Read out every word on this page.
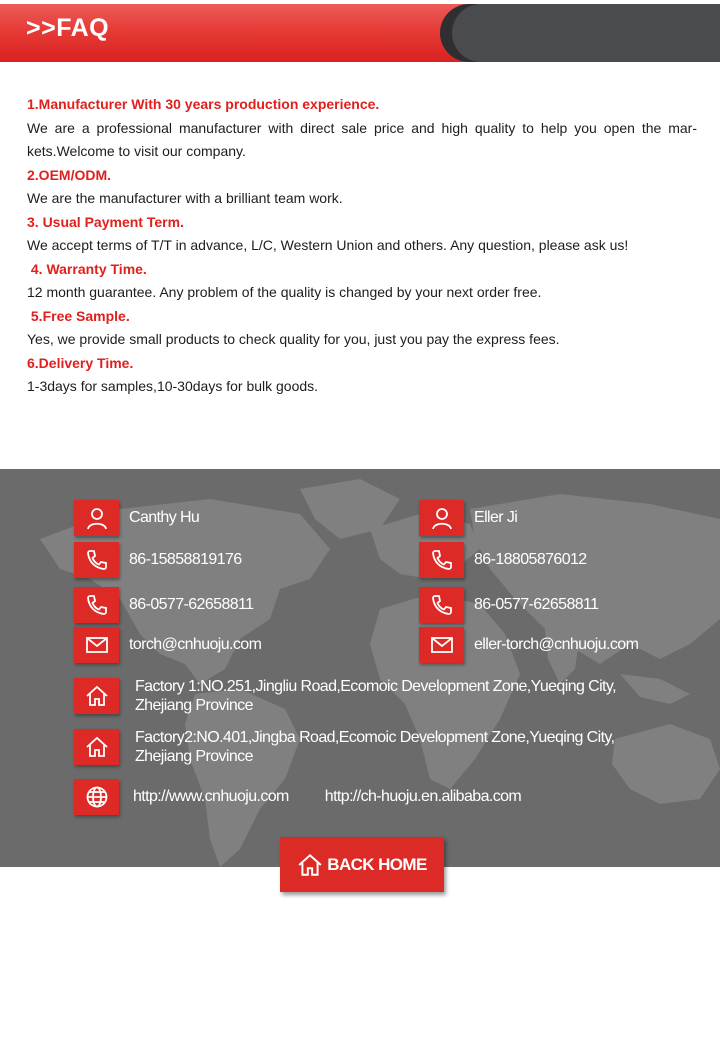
>>FAQ
1.Manufacturer With 30 years production experience.
We are a professional manufacturer with direct sale price and high quality to help you open the mar-kets.Welcome to visit our company.
2.OEM/ODM.
We are the manufacturer with a brilliant team work.
3. Usual Payment Term.
We accept terms of T/T in advance, L/C, Western Union and others. Any question, please ask us!
4. Warranty Time.
12 month guarantee. Any problem of the quality is changed by your next order free.
5.Free Sample.
Yes, we provide small products to check quality for you, just you pay the express fees.
6.Delivery Time.
1-3days for samples,10-30days for bulk goods.
Canthy Hu
86-15858819176
86-0577-62658811
torch@cnhuoju.com
Eller Ji
86-18805876012
86-0577-62658811
eller-torch@cnhuoju.com
Factory 1:NO.251,Jingliu Road,Ecomoic Development Zone,Yueqing City,
Zhejiang Province
Factory2:NO.401,Jingba Road,Ecomoic Development Zone,Yueqing City,
Zhejiang Province
http://www.cnhuoju.com http://ch-huoju.en.alibaba.com
BACK HOME
